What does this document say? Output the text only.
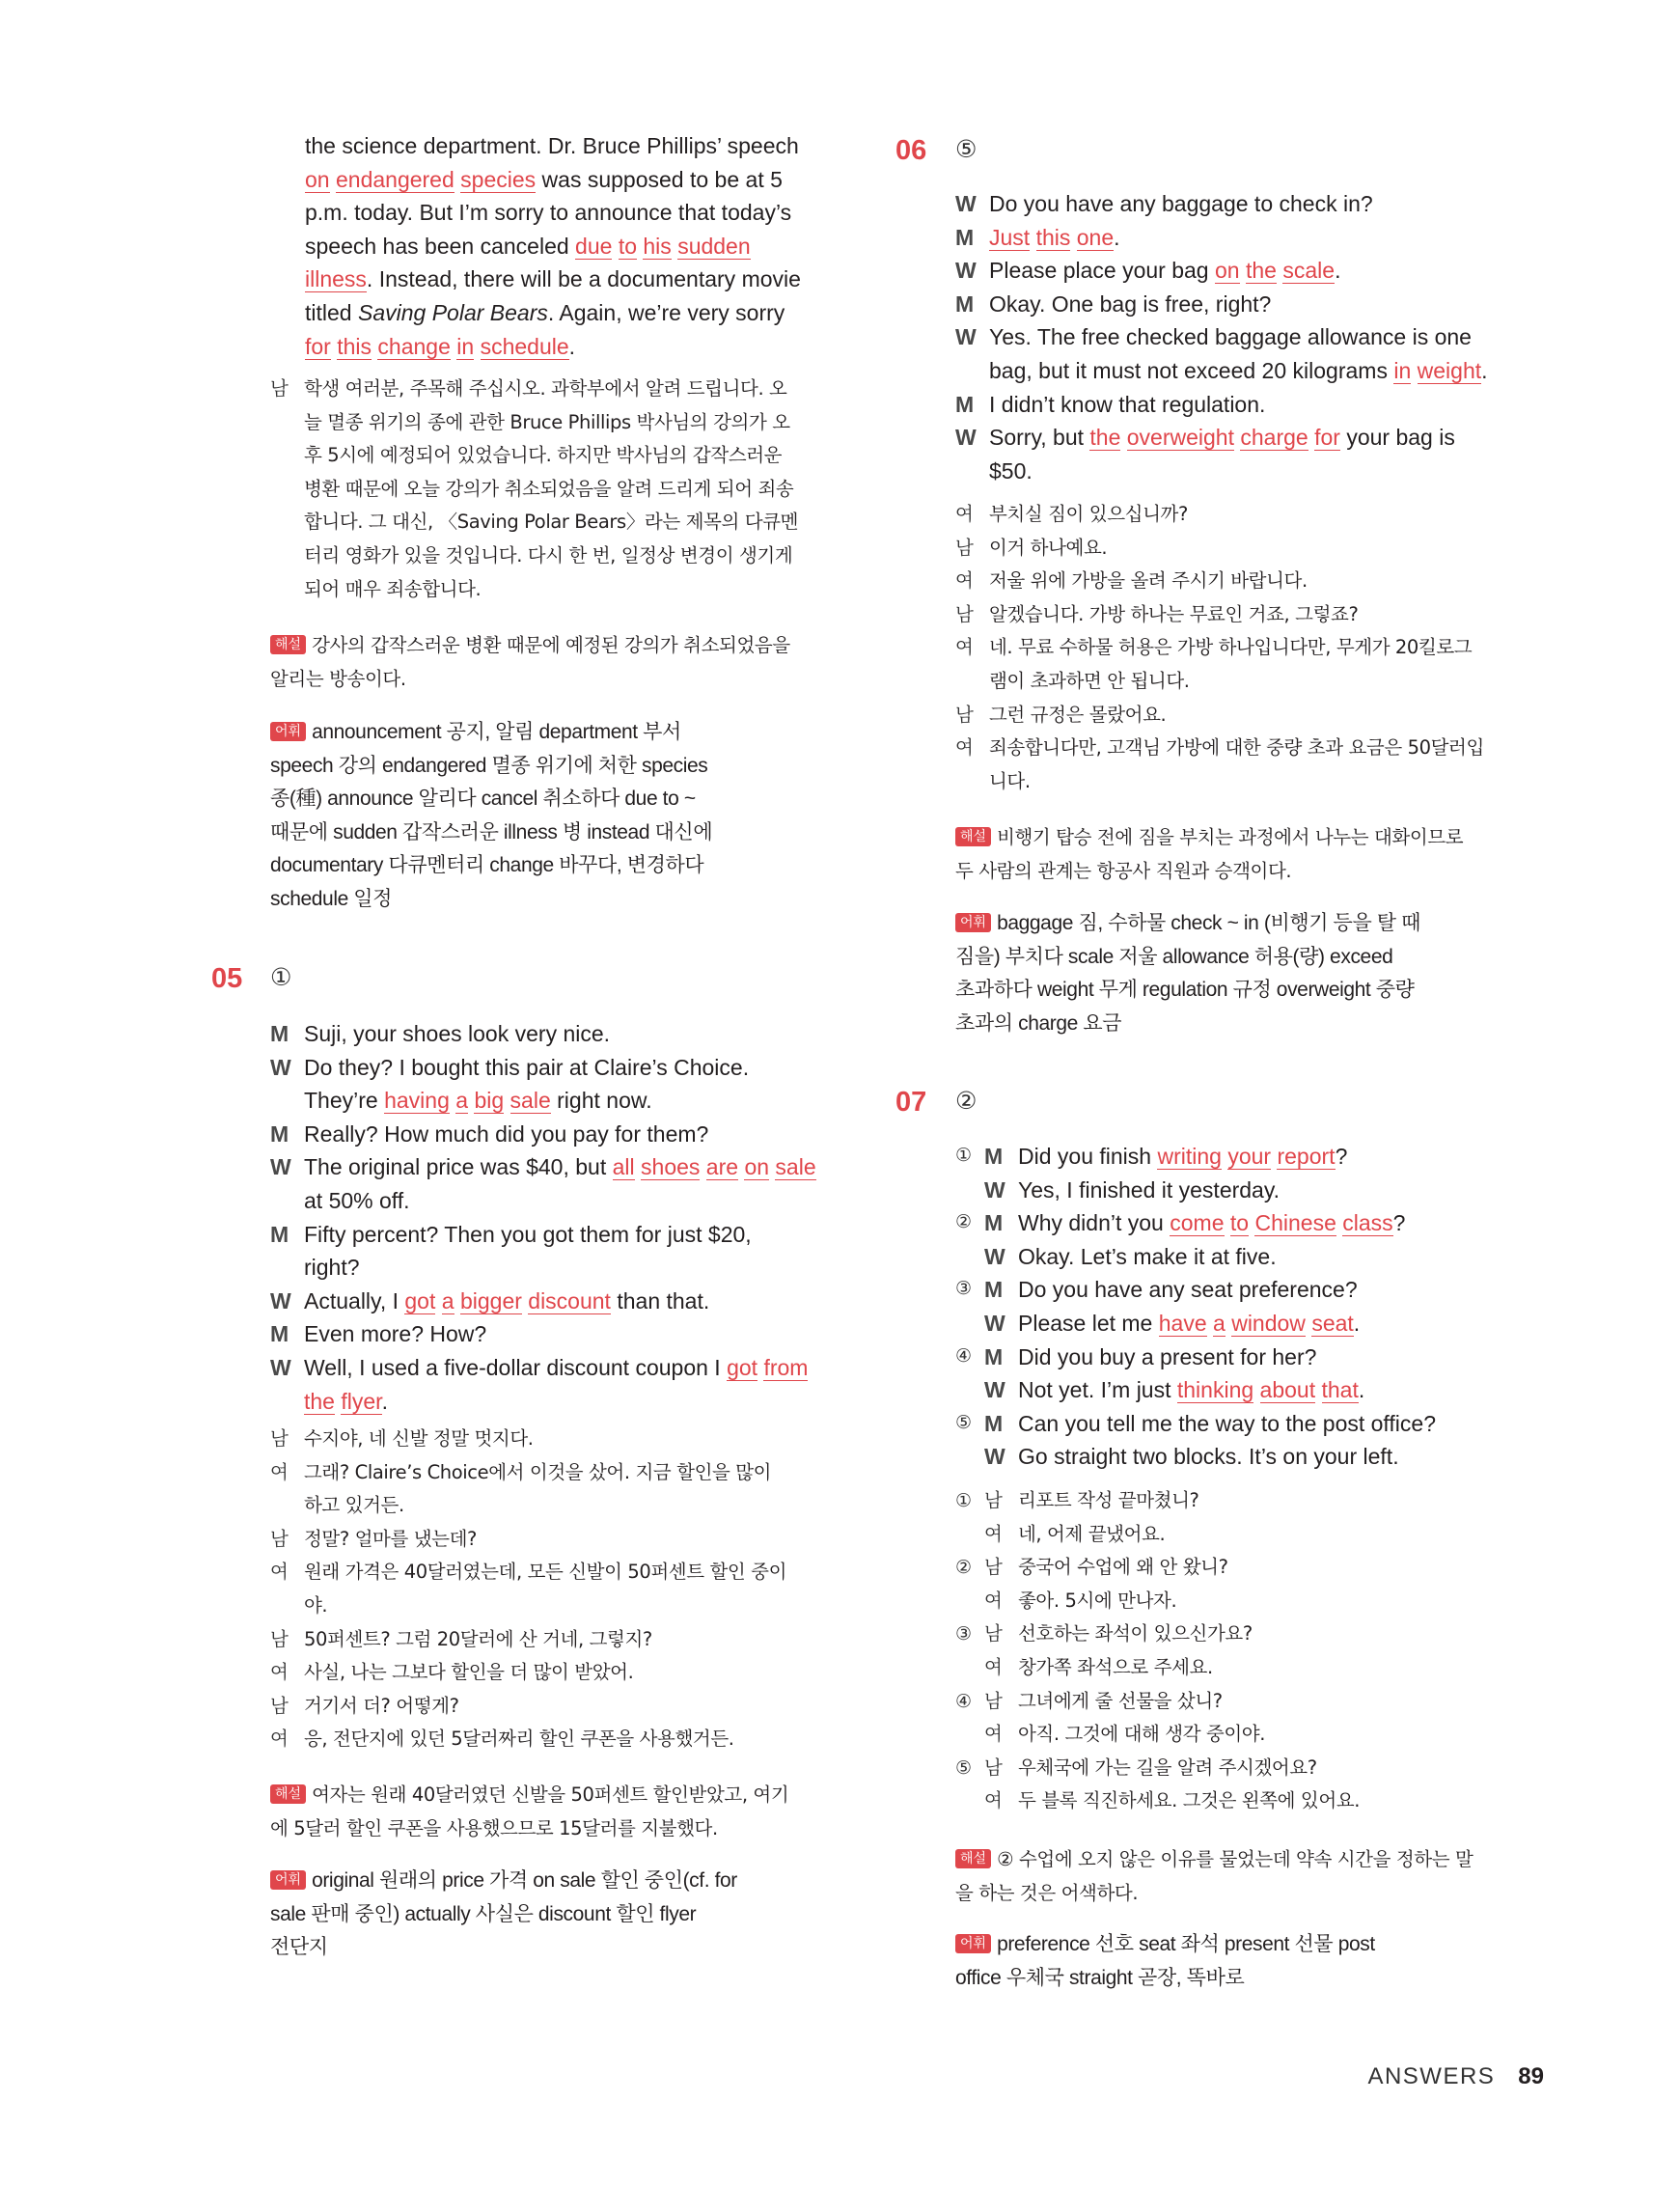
the science department. Dr. Bruce Phillips’ speech
on endangered species was supposed to be at 5
p.m. today. But I’m sorry to announce that today’s
speech has been canceled due to his sudden
illness. Instead, there will be a documentary movie
titled Saving Polar Bears. Again, we’re very sorry
for this change in schedule.
남 학생 여러분, 주목해 주십시오. 과학부에서 알려 드립니다. 오
늘 멸종 위기의 종에 관한 Bruce Phillips 박사님의 강의가 오
후 5시에 예정되어 있었습니다. 하지만 박사님의 갑작스러운
병환 때문에 오늘 강의가 취소되었음을 알려 드리게 되어 죄송
합니다. 그 대신, 〈Saving Polar Bears〉라는 제목의 다큐멘
터리 영화가 있을 것입니다. 다시 한 번, 일정상 변경이 생기게
되어 매우 죄송합니다.
해설 강사의 갑작스러운 병환 때문에 예정된 강의가 취소되었음을
알리는 방송이다.
어휘 announcement 공지, 알림 department 부서
speech 강의 endangered 멸종 위기에 처한 species
종(種) announce 알리다 cancel 취소하다 due to ~
때문에 sudden 갑작스러운 illness 병 instead 대신에
documentary 다큐멘터리 change 바꾸다, 변경하다
schedule 일정
05 ①
M Suji, your shoes look very nice.
W Do they? I bought this pair at Claire’s Choice.
They’re having a big sale right now.
M Really? How much did you pay for them?
W The original price was $40, but all shoes are on sale
at 50% off.
M Fifty percent? Then you got them for just $20,
right?
W Actually, I got a bigger discount than that.
M Even more? How?
W Well, I used a five-dollar discount coupon I got from
the flyer.
남 수지야, 네 신발 정말 멋지다.
여 그래? Claire’s Choice에서 이것을 샀어. 지금 할인을 많이
하고 있거든.
남 정말? 얼마를 냈는데?
여 원래 가격은 40달러였는데, 모든 신발이 50퍼센트 할인 중이
야.
남 50퍼센트? 그럼 20달러에 산 거네, 그렇지?
여 사실, 나는 그보다 할인을 더 많이 받았어.
남 거기서 더? 어떻게?
여 응, 전단지에 있던 5달러짜리 할인 쿠폰을 사용했거든.
해설 여자는 원래 40달러였던 신발을 50퍼센트 할인받았고, 여기
에 5달러 할인 쿠폰을 사용했으므로 15달러를 지불했다.
어휘 original 원래의 price 가격 on sale 할인 중인(cf. for
sale 판매 중인) actually 사실은 discount 할인 flyer
전단지
06 ⑤
W Do you have any baggage to check in?
M Just this one.
W Please place your bag on the scale.
M Okay. One bag is free, right?
W Yes. The free checked baggage allowance is one
bag, but it must not exceed 20 kilograms in weight.
M I didn’t know that regulation.
W Sorry, but the overweight charge for your bag is
$50.
여 부치실 짐이 있으십니까?
남 이거 하나예요.
여 저울 위에 가방을 올려 주시기 바랍니다.
남 알겠습니다. 가방 하나는 무료인 거죠, 그렇죠?
여 네. 무료 수하물 허용은 가방 하나입니다만, 무게가 20킬로그
램이 초과하면 안 됩니다.
남 그런 규정은 몰랐어요.
여 죄송합니다만, 고객님 가방에 대한 중량 초과 요금은 50달러입
니다.
해설 비행기 탑승 전에 짐을 부치는 과정에서 나누는 대화이므로
두 사람의 관계는 항공사 직원과 승객이다.
어휘 baggage 짐, 수하물 check ~ in (비행기 등을 탈 때
짐을) 부치다 scale 저울 allowance 허용(량) exceed
초과하다 weight 무게 regulation 규정 overweight 중량
초과의 charge 요금
07 ②
① M Did you finish writing your report?
W Yes, I finished it yesterday.
② M Why didn’t you come to Chinese class?
W Okay. Let’s make it at five.
③ M Do you have any seat preference?
W Please let me have a window seat.
④ M Did you buy a present for her?
W Not yet. I’m just thinking about that.
⑤ M Can you tell me the way to the post office?
W Go straight two blocks. It’s on your left.
① 남 리포트 작성 끝마쳤니?
여 네, 어제 끝냈어요.
② 남 중국어 수업에 왜 안 왔니?
여 좋아. 5시에 만나자.
③ 남 선호하는 좌석이 있으신가요?
여 창가쪽 좌석으로 주세요.
④ 남 그녀에게 줄 선물을 샀니?
여 아직. 그것에 대해 생각 중이야.
⑤ 남 우체국에 가는 길을 알려 주시겠어요?
여 두 블록 직진하세요. 그것은 왼쪽에 있어요.
해설 ② 수업에 오지 않은 이유를 물었는데 약속 시간을 정하는 말
을 하는 것은 어색하다.
어휘 preference 선호 seat 좌석 present 선물 post
office 우체국 straight 곧장, 똑바로
ANSWERS 89
